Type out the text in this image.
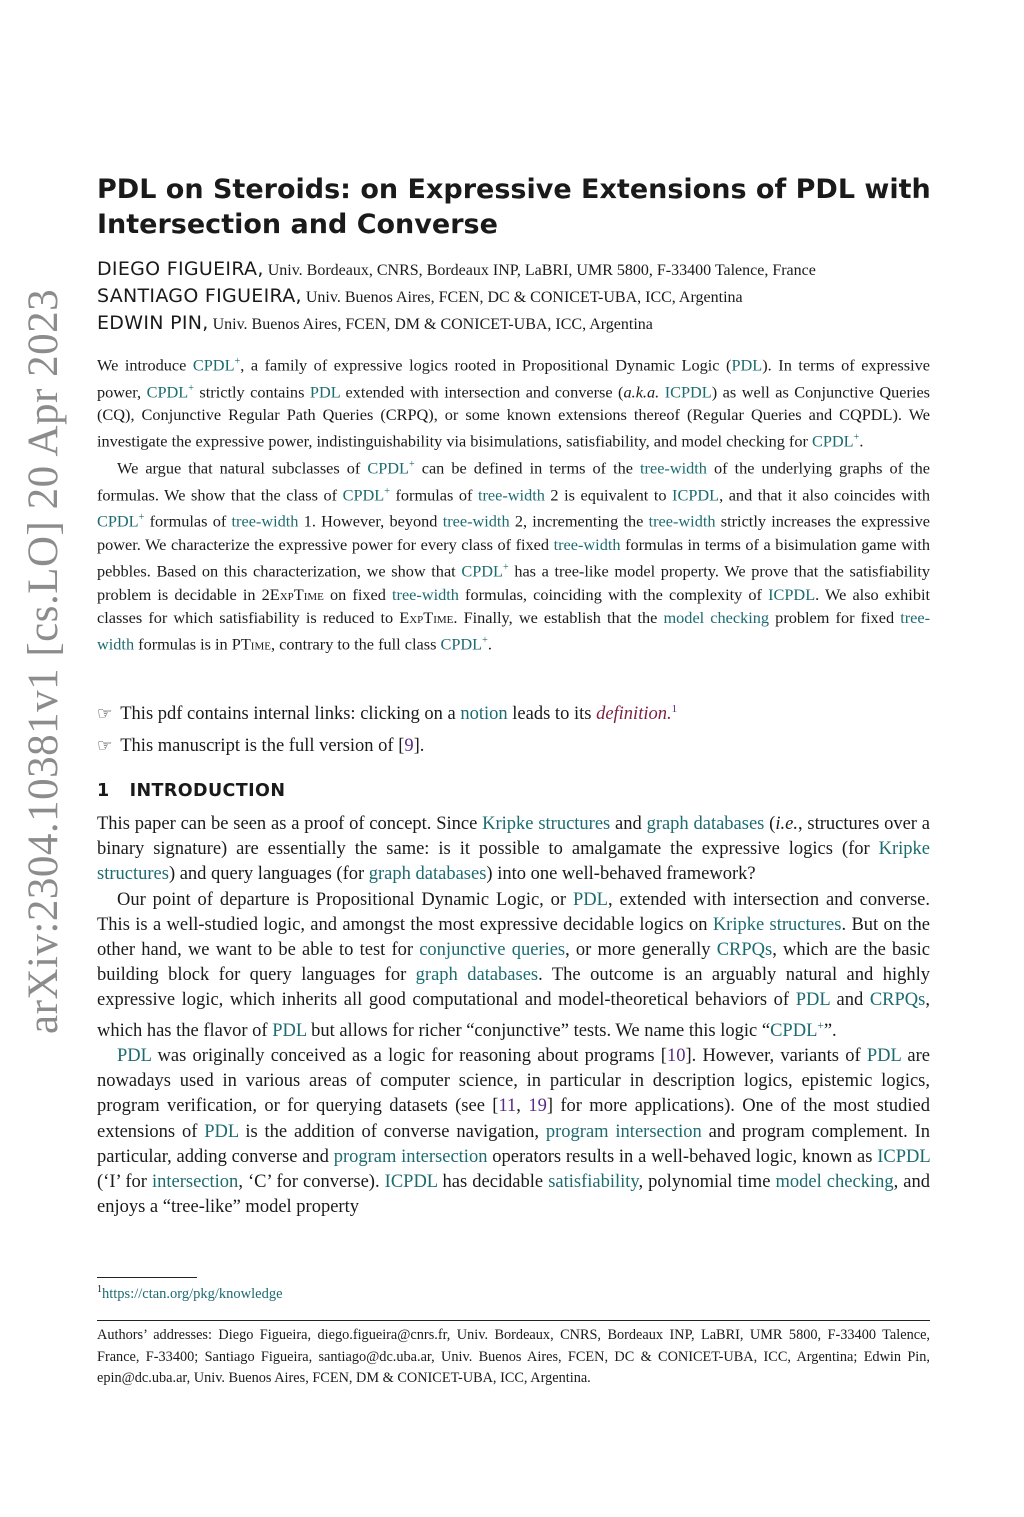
arXiv:2304.10381v1 [cs.LO] 20 Apr 2023
PDL on Steroids: on Expressive Extensions of PDL with Intersection and Converse
DIEGO FIGUEIRA, Univ. Bordeaux, CNRS, Bordeaux INP, LaBRI, UMR 5800, F-33400 Talence, France
SANTIAGO FIGUEIRA, Univ. Buenos Aires, FCEN, DC & CONICET-UBA, ICC, Argentina
EDWIN PIN, Univ. Buenos Aires, FCEN, DM & CONICET-UBA, ICC, Argentina

We introduce CPDL+, a family of expressive logics rooted in Propositional Dynamic Logic (PDL). In terms of expressive power, CPDL+ strictly contains PDL extended with intersection and converse (a.k.a. ICPDL) as well as Conjunctive Queries (CQ), Conjunctive Regular Path Queries (CRPQ), or some known extensions thereof (Regular Queries and CQPDL). We investigate the expressive power, indistinguishability via bisimulations, satisfiability, and model checking for CPDL+.

We argue that natural subclasses of CPDL+ can be defined in terms of the tree-width of the underlying graphs of the formulas. We show that the class of CPDL+ formulas of tree-width 2 is equivalent to ICPDL, and that it also coincides with CPDL+ formulas of tree-width 1. However, beyond tree-width 2, incrementing the tree-width strictly increases the expressive power. We characterize the expressive power for every class of fixed tree-width formulas in terms of a bisimulation game with pebbles. Based on this characterization, we show that CPDL+ has a tree-like model property. We prove that the satisfiability problem is decidable in 2ExpTime on fixed tree-width formulas, coinciding with the complexity of ICPDL. We also exhibit classes for which satisfiability is reduced to ExpTime. Finally, we establish that the model checking problem for fixed tree-width formulas is in PTime, contrary to the full class CPDL+.

☞ This pdf contains internal links: clicking on a notion leads to its definition.$^1$
☞ This manuscript is the full version of [9].
1 INTRODUCTION

This paper can be seen as a proof of concept. Since Kripke structures and graph databases (i.e., structures over a binary signature) are essentially the same: is it possible to amalgamate the expressive logics (for Kripke structures) and query languages (for graph databases) into one well-behaved framework?

Our point of departure is Propositional Dynamic Logic, or PDL, extended with intersection and converse. This is a well-studied logic, and amongst the most expressive decidable logics on Kripke structures. But on the other hand, we want to be able to test for conjunctive queries, or more generally CRPQs, which are the basic building block for query languages for graph databases. The outcome is an arguably natural and highly expressive logic, which inherits all good computational and model-theoretical behaviors of PDL and CRPQs, which has the flavor of PDL but allows for richer “conjunctive” tests. We name this logic “CPDL+”.

PDL was originally conceived as a logic for reasoning about programs [10]. However, variants of PDL are nowadays used in various areas of computer science, in particular in description logics, epistemic logics, program verification, or for querying datasets (see [11, 19] for more applications). One of the most studied extensions of PDL is the addition of converse navigation, program intersection and program complement. In particular, adding converse and program intersection operators results in a well-behaved logic, known as ICPDL (‘I’ for intersection, ‘C’ for converse). ICPDL has decidable satisfiability, polynomial time model checking, and enjoys a “tree-like” model property

$^1$https://ctan.org/pkg/knowledge
Authors’ addresses: Diego Figueira, diego.figueira@cnrs.fr, Univ. Bordeaux, CNRS, Bordeaux INP, LaBRI, UMR 5800, F-33400 Talence, France, F-33400; Santiago Figueira, santiago@dc.uba.ar, Univ. Buenos Aires, FCEN, DC & CONICET-UBA, ICC, Argentina; Edwin Pin, epin@dc.uba.ar, Univ. Buenos Aires, FCEN, DM & CONICET-UBA, ICC, Argentina.
